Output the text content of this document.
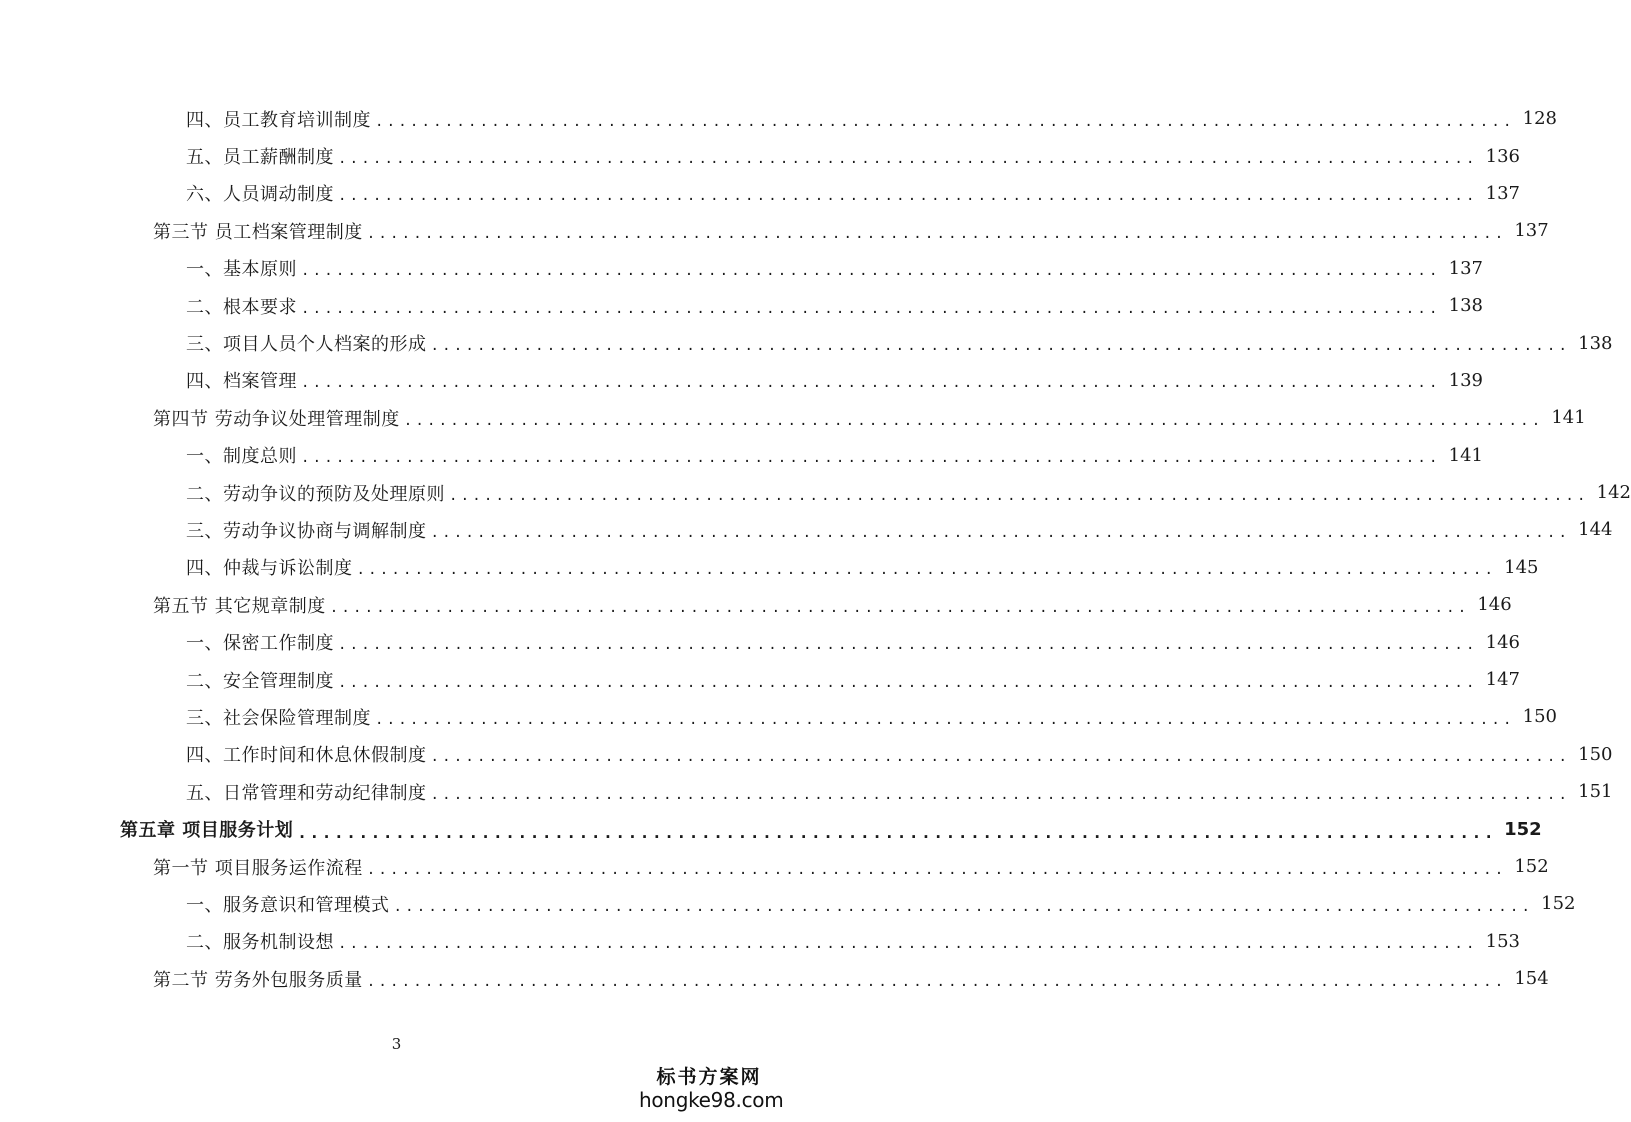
四、员工教育培训制度 .................................................................................................. 128
五、员工薪酬制度 .................................................................................................. 136
六、人员调动制度 .................................................................................................. 137
第三节 员工档案管理制度 .................................................................................................. 137
一、基本原则 .................................................................................................. 137
二、根本要求 .................................................................................................. 138
三、项目人员个人档案的形成 .................................................................................................. 138
四、档案管理 .................................................................................................. 139
第四节 劳动争议处理管理制度 .................................................................................................. 141
一、制度总则 .................................................................................................. 141
二、劳动争议的预防及处理原则 .................................................................................................. 142
三、劳动争议协商与调解制度 .................................................................................................. 144
四、仲裁与诉讼制度 .................................................................................................. 145
第五节 其它规章制度 .................................................................................................. 146
一、保密工作制度 .................................................................................................. 146
二、安全管理制度 .................................................................................................. 147
三、社会保险管理制度 .................................................................................................. 150
四、工作时间和休息休假制度 .................................................................................................. 150
五、日常管理和劳动纪律制度 .................................................................................................. 151
第五章 项目服务计划 .................................................................................................. 152
第一节 项目服务运作流程 .................................................................................................. 152
一、服务意识和管理模式 .................................................................................................. 152
二、服务机制设想 .................................................................................................. 153
第二节 劳务外包服务质量 .................................................................................................. 154
3
标书方案网
hongke98.com
